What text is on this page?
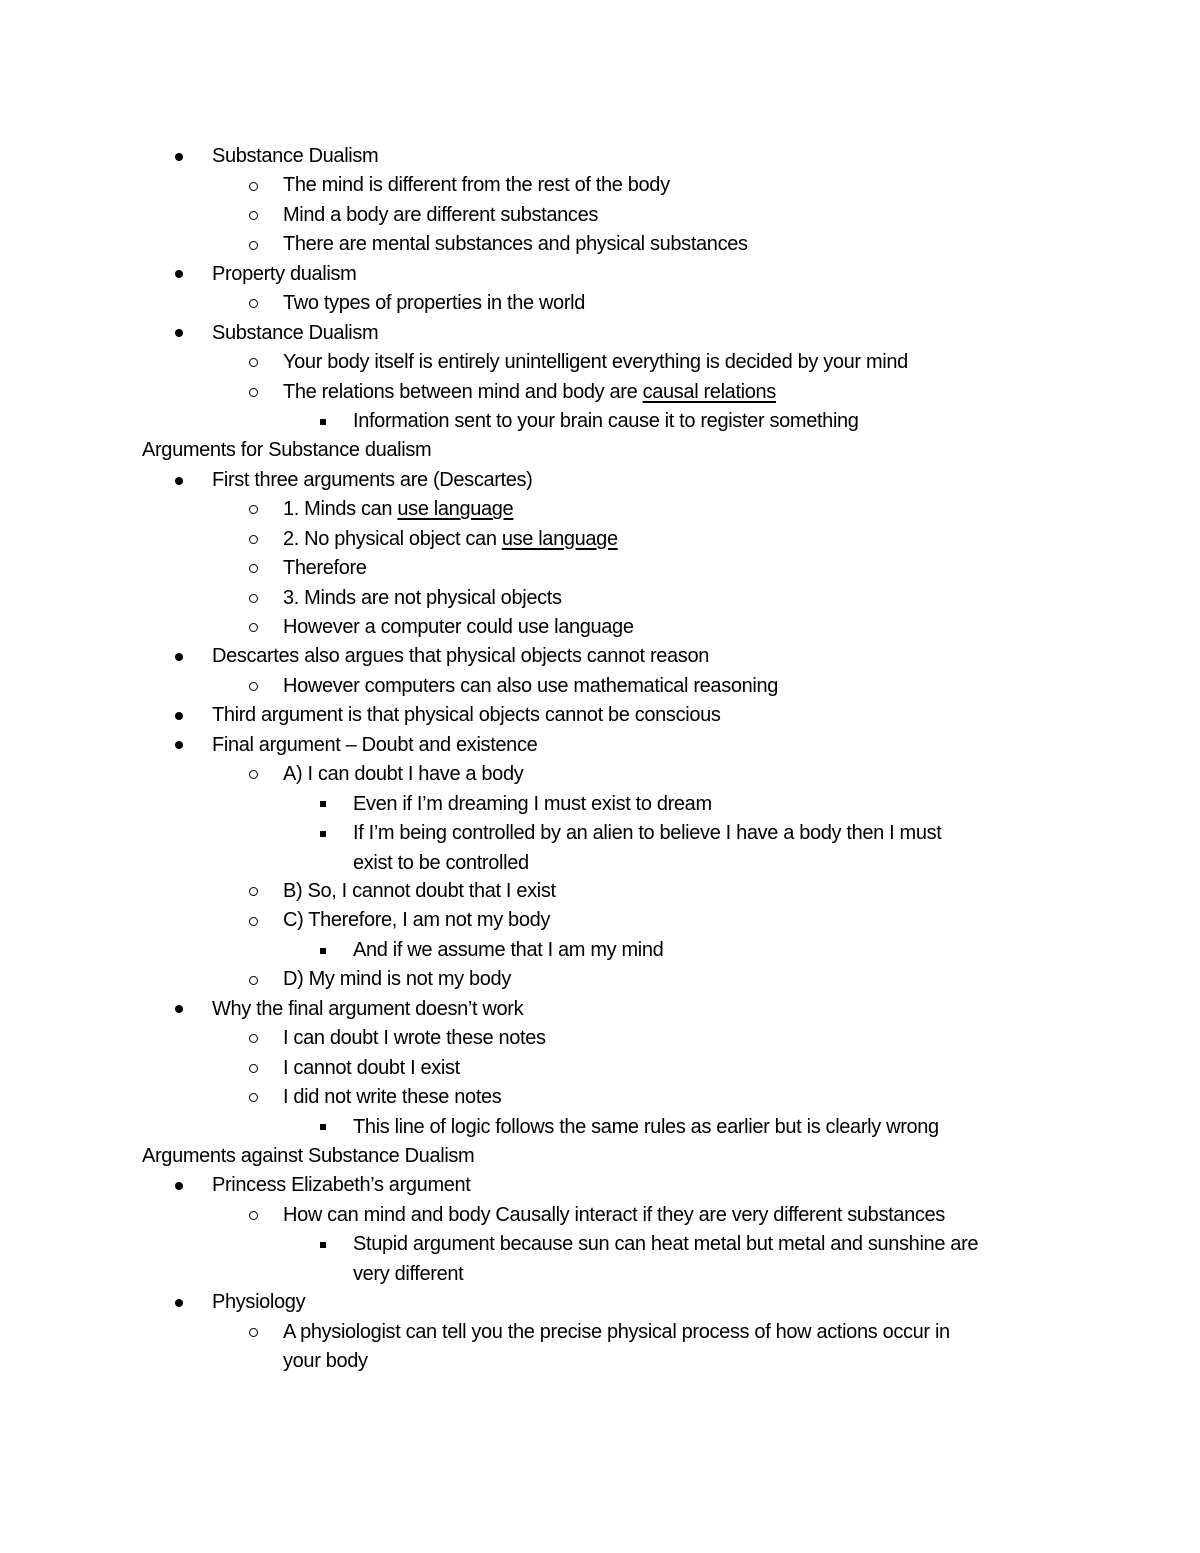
Substance Dualism
The mind is different from the rest of the body
Mind a body are different substances
There are mental substances and physical substances
Property dualism
Two types of properties in the world
Substance Dualism
Your body itself is entirely unintelligent everything is decided by your mind
The relations between mind and body are causal relations
Information sent to your brain cause it to register something
Arguments for Substance dualism
First three arguments are (Descartes)
1. Minds can use language
2. No physical object can use language
Therefore
3. Minds are not physical objects
However a computer could use language
Descartes also argues that physical objects cannot reason
However computers can also use mathematical reasoning
Third argument is that physical objects cannot be conscious
Final argument – Doubt and existence
A) I can doubt I have a body
Even if I’m dreaming I must exist to dream
If I’m being controlled by an alien to believe I have a body then I must
exist to be controlled
B) So, I cannot doubt that I exist
C) Therefore, I am not my body
And if we assume that I am my mind
D) My mind is not my body
Why the final argument doesn’t work
I can doubt I wrote these notes
I cannot doubt I exist
I did not write these notes
This line of logic follows the same rules as earlier but is clearly wrong
Arguments against Substance Dualism
Princess Elizabeth’s argument
How can mind and body Causally interact if they are very different substances
Stupid argument because sun can heat metal but metal and sunshine are
very different
Physiology
A physiologist can tell you the precise physical process of how actions occur in
your body
